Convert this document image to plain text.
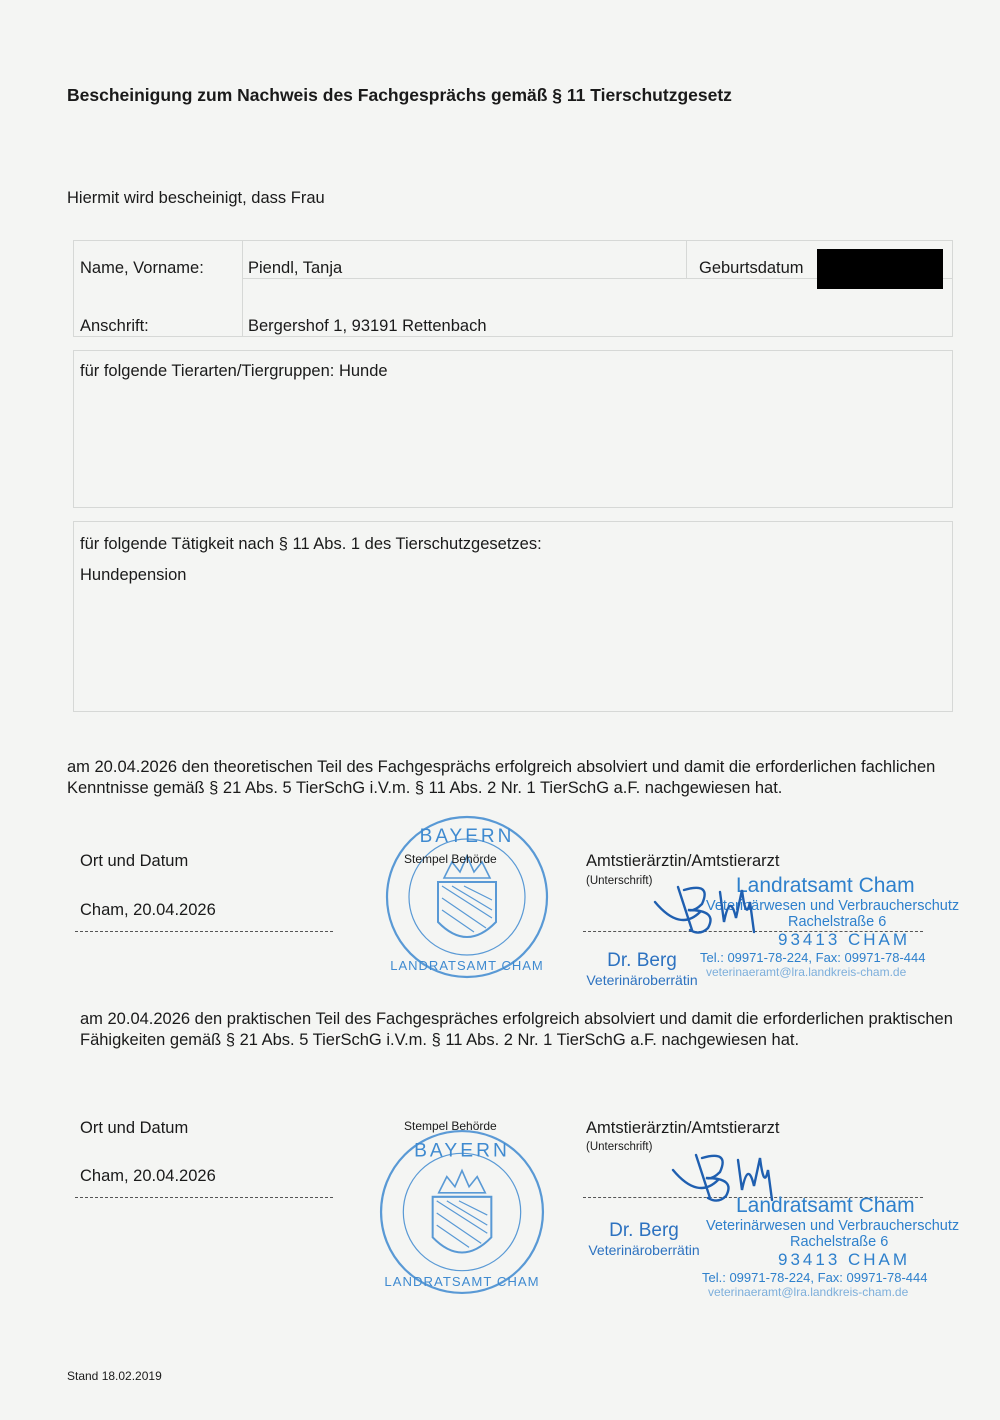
Bescheinigung zum Nachweis des Fachgesprächs gemäß § 11 Tierschutzgesetz
Hiermit wird bescheinigt, dass Frau
Name, Vorname:	Piendl, Tanja	Geburtsdatum
Anschrift:	Bergershof 1, 93191 Rettenbach
für folgende Tierarten/Tiergruppen: Hunde
für folgende Tätigkeit nach § 11 Abs. 1 des Tierschutzgesetzes:
Hundepension
am 20.04.2026 den theoretischen Teil des Fachgesprächs erfolgreich absolviert und damit die erforderlichen fachlichen Kenntnisse gemäß § 21 Abs. 5 TierSchG i.V.m. § 11 Abs. 2 Nr. 1 TierSchG a.F. nachgewiesen hat.
Ort und Datum
Cham, 20.04.2026
BAYERN
LANDRATSAMT CHAM
Stempel Behörde	Amtstierärztin/Amtstierarzt
(Unterschrift)	Landratsamt Cham
Veterinärwesen und Verbraucherschutz
Rachelstraße 6
93413 CHAM
Tel.: 09971-78-224, Fax: 09971-78-444
veterinaeramt@lra.landkreis-cham.de
Dr. Berg
Veterinäroberrätin
am 20.04.2026 den praktischen Teil des Fachgespräches erfolgreich absolviert und damit die erforderlichen praktischen Fähigkeiten gemäß § 21 Abs. 5 TierSchG i.V.m. § 11 Abs. 2 Nr. 1 TierSchG a.F. nachgewiesen hat.
Ort und Datum
Cham, 20.04.2026
BAYERN
LANDRATSAMT CHAM
Stempel Behörde	Amtstierärztin/Amtstierarzt
(Unterschrift)
Landratsamt Cham
Veterinärwesen und Verbraucherschutz
Rachelstraße 6
93413 CHAM
Tel.: 09971-78-224, Fax: 09971-78-444
veterinaeramt@lra.landkreis-cham.de
Dr. Berg
Veterinäroberrätin
Stand 18.02.2019
